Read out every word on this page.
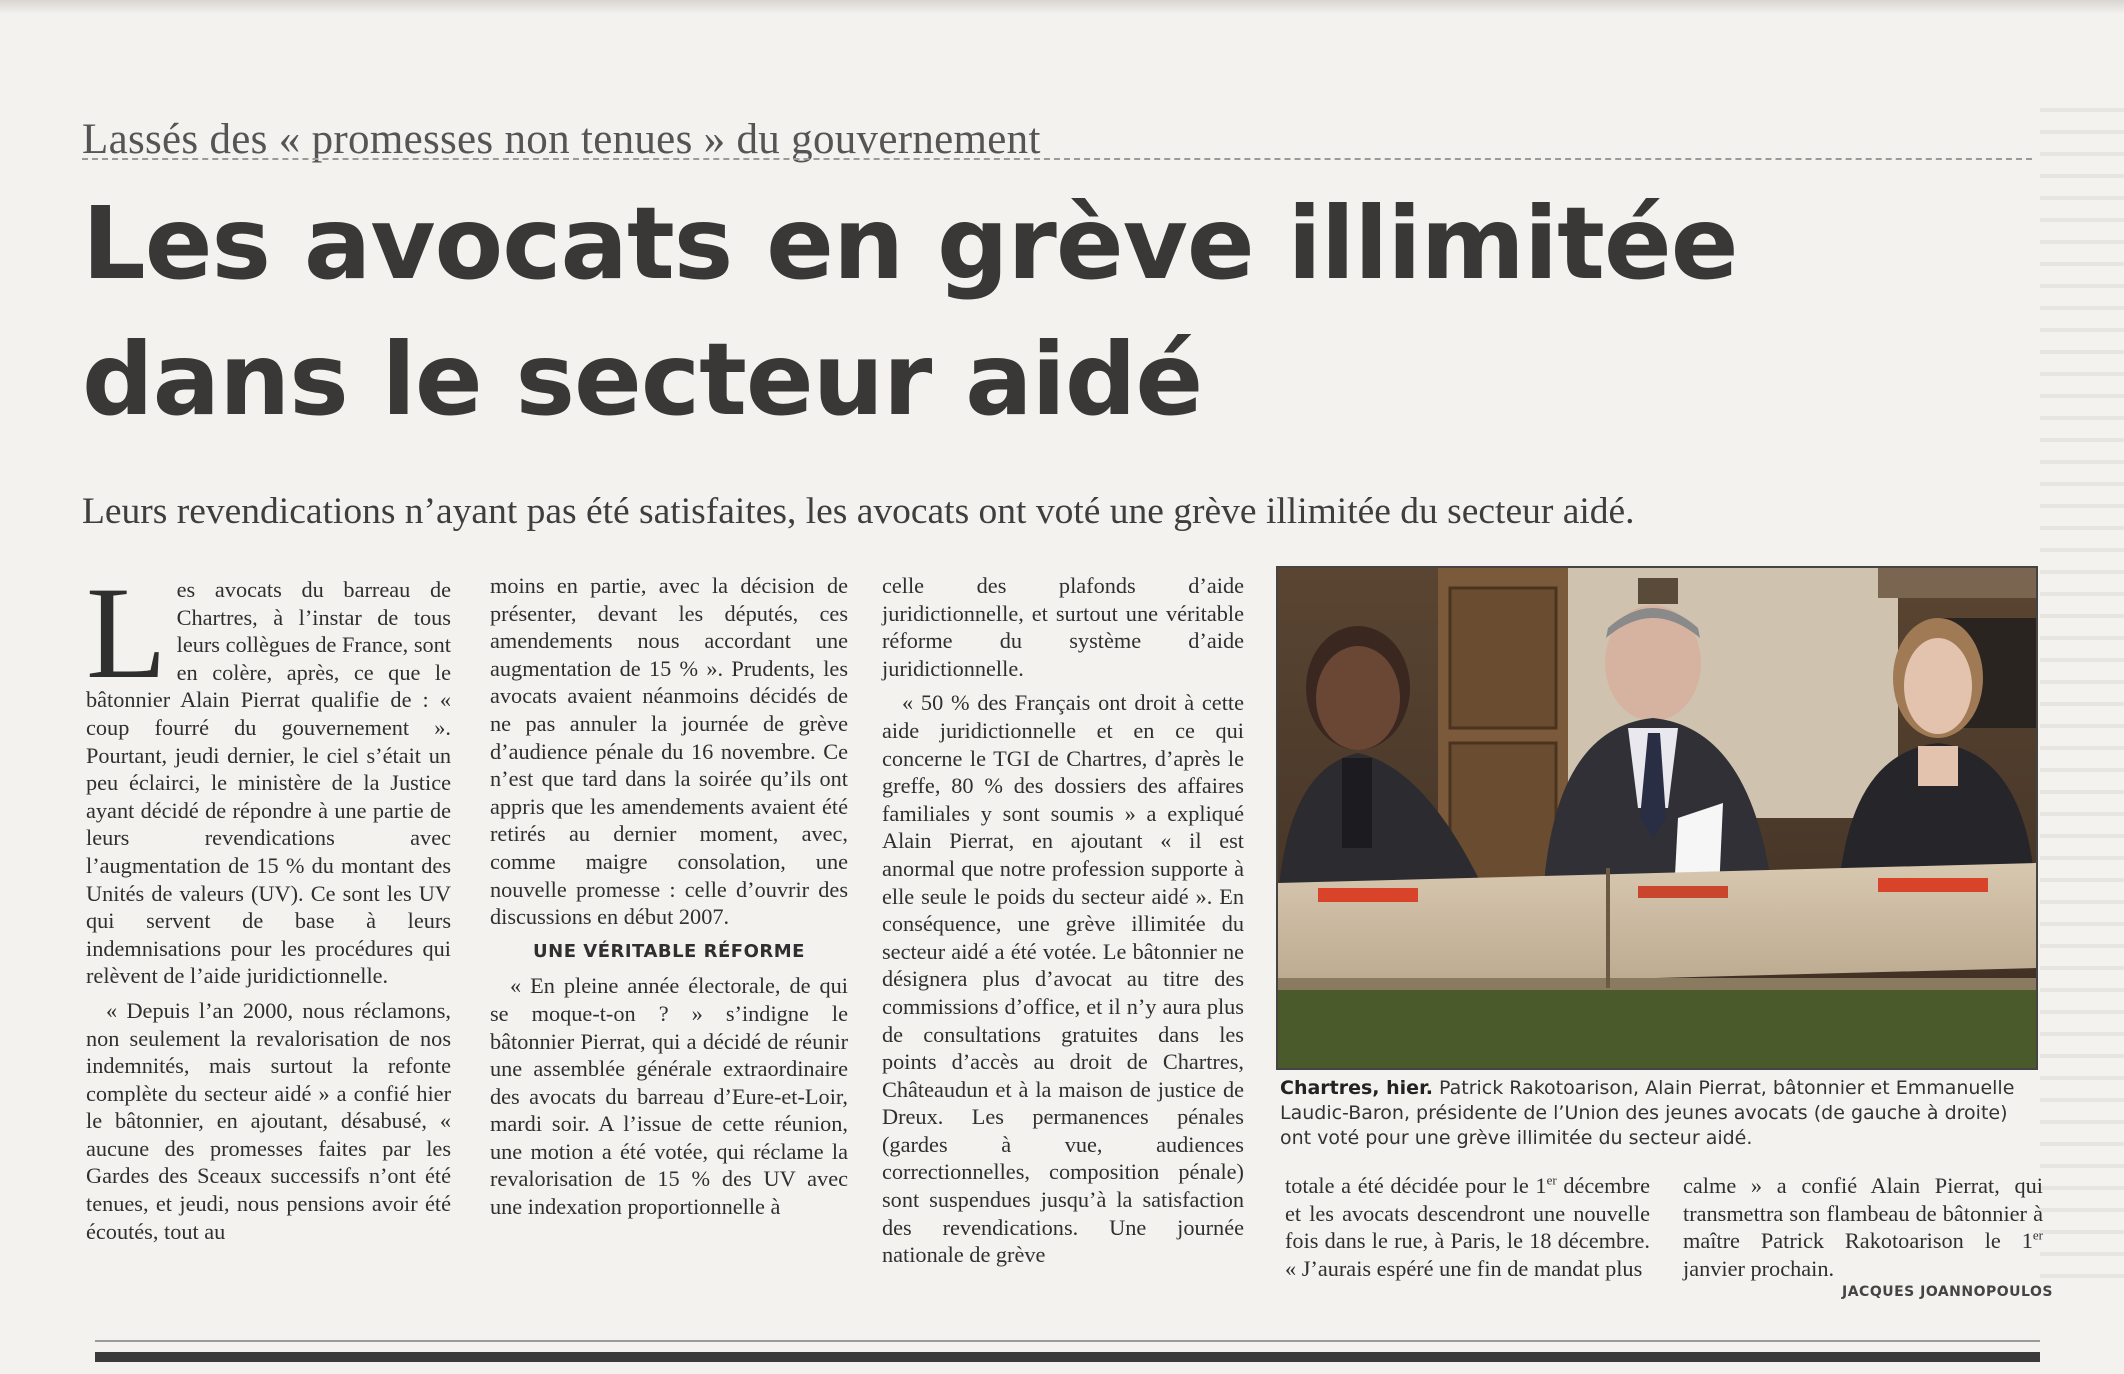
Lassés des « promesses non tenues » du gouvernement
Les avocats en grève illimitée
dans le secteur aidé
Leurs revendications n’ayant pas été satisfaites, les avocats ont voté une grève illimitée du secteur aidé.

Les avocats du barreau de Chartres, à l’instar de tous leurs collègues de France, sont en colère, après, ce que le bâtonnier Alain Pierrat qualifie de : « coup fourré du gouvernement ». Pourtant, jeudi dernier, le ciel s’était un peu éclairci, le ministère de la Justice ayant décidé de répondre à une partie de leurs revendications avec l’augmentation de 15 % du montant des Unités de valeurs (UV). Ce sont les UV qui servent de base à leurs indemnisations pour les procédures qui relèvent de l’aide juridictionnelle.

« Depuis l’an 2000, nous réclamons, non seulement la revalorisation de nos indemnités, mais surtout la refonte complète du secteur aidé » a confié hier le bâtonnier, en ajoutant, désabusé, « aucune des promesses faites par les Gardes des Sceaux successifs n’ont été tenues, et jeudi, nous pensions avoir été écoutés, tout au

moins en partie, avec la décision de présenter, devant les députés, ces amendements nous accordant une augmentation de 15 % ». Prudents, les avocats avaient néanmoins décidés de ne pas annuler la journée de grève d’audience pénale du 16 novembre. Ce n’est que tard dans la soirée qu’ils ont appris que les amendements avaient été retirés au dernier moment, avec, comme maigre consolation, une nouvelle promesse : celle d’ouvrir des discussions en début 2007.

UNE VÉRITABLE RÉFORME

« En pleine année électorale, de qui se moque-t-on ? » s’indigne le bâtonnier Pierrat, qui a décidé de réunir une assemblée générale extraordinaire des avocats du barreau d’Eure-et-Loir, mardi soir. A l’issue de cette réunion, une motion a été votée, qui réclame la revalorisation de 15 % des UV avec une indexation proportionnelle à

celle des plafonds d’aide juridictionnelle, et surtout une véritable réforme du système d’aide juridictionnelle.

« 50 % des Français ont droit à cette aide juridictionnelle et en ce qui concerne le TGI de Chartres, d’après le greffe, 80 % des dossiers des affaires familiales y sont soumis » a expliqué Alain Pierrat, en ajoutant « il est anormal que notre profession supporte à elle seule le poids du secteur aidé ». En conséquence, une grève illimitée du secteur aidé a été votée. Le bâtonnier ne désignera plus d’avocat au titre des commissions d’office, et il n’y aura plus de consultations gratuites dans les points d’accès au droit de Chartres, Châteaudun et à la maison de justice de Dreux. Les permanences pénales (gardes à vue, audiences correctionnelles, composition pénale) sont suspendues jusqu’à la satisfaction des revendications. Une journée nationale de grève

Chartres, hier. Patrick Rakotoarison, Alain Pierrat, bâtonnier et Emmanuelle Laudic-Baron, présidente de l’Union des jeunes avocats (de gauche à droite) ont voté pour une grève illimitée du secteur aidé.

totale a été décidée pour le 1er décembre et les avocats descendront une nouvelle fois dans le rue, à Paris, le 18 décembre. « J’aurais espéré une fin de mandat plus

calme » a confié Alain Pierrat, qui transmettra son flambeau de bâtonnier à maître Patrick Rakotoarison le 1er janvier prochain.

JACQUES JOANNOPOULOS
